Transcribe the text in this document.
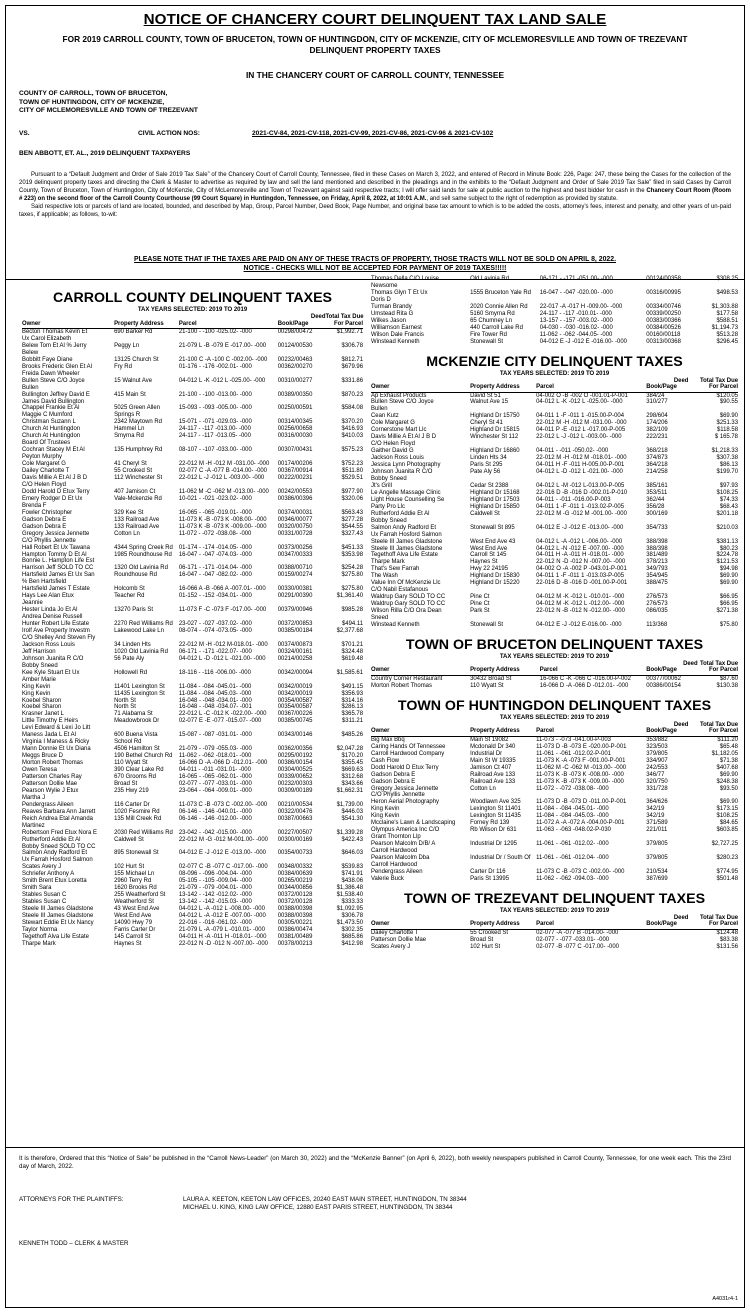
NOTICE OF CHANCERY COURT DELINQUENT TAX LAND SALE
FOR 2019 CARROLL COUNTY, TOWN OF BRUCETON, TOWN OF HUNTINGDON, CITY OF MCKENZIE, CITY OF MCLEMORESVILLE AND TOWN OF TREZEVANT
DELINQUENT PROPERTY TAXES
IN THE CHANCERY COURT OF CARROLL COUNTY, TENNESSEE
COUNTY OF CARROLL, TOWN OF BRUCETON,
TOWN OF HUNTINGDON, CITY OF MCKENZIE,
CITY OF MCLEMORESVILLE AND TOWN OF TREZEVANT
VS.	CIVIL ACTION NOS:	2021-CV-84, 2021-CV-118, 2021-CV-99, 2021-CV-86, 2021-CV-96 & 2021-CV-102
BEN ABBOTT, ET. AL., 2019 DELINQUENT TAXPAYERS

Pursuant to a “Default Judgment and Order of Sale 2019 Tax Sale” of the Chancery Court of Carroll County, Tennessee, filed in these Cases on March 3, 2022, and entered of Record in Minute Book: 226, Page: 247, these being the Cases for the collection of the 2019 delinquent property taxes and directing the Clerk & Master to advertise as required by law and sell the land mentioned and described in the pleadings and in the exhibits to the “Default Judgment and Order of Sale 2019 Tax Sale” filed in said Cases by Carroll County, Town of Bruceton, Town of Huntingdon, City of McKenzie, City of McLemoresville and Town of Trezevant against said respective tracts; I will offer said lands for sale at public auction to the highest and best bidder for cash in the Chancery Court Room (Room # 223) on the second floor of the Carroll County Courthouse (99 Court Square) in Huntingdon, Tennessee, on Friday, April 8, 2022, at 10:01 A.M., and sell same subject to the right of redemption as provided by statute.

Said respective lots or parcels of land are located, bounded, and described by Map, Group, Parcel Number, Deed Book, Page Number, and original base tax amount to which is to be added the costs, attorney’s fees, interest and penalty, and other years of un-paid taxes, if applicable; as follows, to-wit:

PLEASE NOTE THAT IF THE TAXES ARE PAID ON ANY OF THESE TRACTS OF PROPERTY, THOSE TRACTS WILL NOT BE SOLD ON APRIL 8, 2022.
NOTICE - CHECKS WILL NOT BE ACCEPTED FOR PAYMENT OF 2019 TAXES!!!!!
CARROLL COUNTY DELINQUENT TAXES
TAX YEARS SELECTED: 2019 TO 2019
			Deed	Total Tax Due
Owner	Property Address	Parcel	Book/Page	For Parcel
Becton Thomas Kevin Et	690 Barker Rd	21-100 - -100 -025.02- -000	00298/00472	$1,992.71
Ux Carol Elizabeth				
Belew Tom Et Al % Jerry	Peggy Ln	21-079 L -B -079 E -017.00- -000	00124/00530	$306.78
Belew				
Bobbitt Faye Diane	13125 Church St	21-100 C -A -100 C -002.00- -000	00232/00463	$812.71
Brooks Frederic Glen Et Al	Fry Rd	01-176 - -176 -002.01- -000	00362/00270	$679.96
Freida Dawn Wheeler				
Bullen Steve C/O Joyce	15 Walnut Ave	04-012 L -K -012 L -025.00- -000	00310/00277	$331.86
Bullen				
Bullington Jeffrey David E	415 Main St	21-100 - -100 -013.00- -000	00389/00350	$870.23
James David Bullington				
Chappel Frankie Et Al	5025 Green Allen	15-093 - -093 -005.00- -000	00250/00591	$584.08
Maggie C Mumford	Springs R			
Christman Suzann L	2342 Maytown Rd	15-071 - -071 -029.03- -000	00314/00345	$370.20
Church At Huntingdon	Hammel Ln	24-117 - -117 -013.00- -000	00256/00658	$416.93
Church At Huntingdon	Smyrna Rd	24-117 - -117 -013.05- -000	00316/00030	$410.03
Board Of Trustees				
Cochran Stacey M Et Al	135 Humphrey Rd	08-107 - -107 -033.00- -000	00307/00431	$575.23
Peyton Murphy				
Cole Margaret G	41 Cheryl St	22-012 M -H -012 M -031.00- -000	00174/00206	$752.23
Dailey Charlotte T	55 Crooked St	02-077 C -A -077 B -014.00- -000	00367/00914	$511.80
Davis Millie A Et Al J B D	112 Winchester St	22-012 L -J -012 L -003.00- -000	00222/00231	$529.51
C/O Helen Floyd				
Dodd Harold D Etux Terry	407 Jamison Ct	11-062 M -C -062 M -013.00- -000	00242/00553	$977.90
Emery Rodger D Et Ux	Vale-Mckenzie Rd	10-021 - -021 -023.02- -000	00386/00396	$320.06
Brenda F				
Fowler Christopher	329 Kee St	16-065 - -065 -019.01- -000	00374/00031	$563.43
Gadson Debra E	133 Railroad Ave	11-073 K -B -073 K -008.00- -000	00346/00077	$277.28
Gadson Debra E	133 Railroad Ave	11-073 K -B -073 K -009.00- -000	00320/00750	$544.55
Gregory Jessica Jennette	Cotton Ln	11-072 - -072 -038.08- -000	00331/00728	$327.43
C/O Phyllis Jennette				
Hall Robert Et Ux Tawana	4344 Spring Creek Rd	01-174 - -174 -014.05- -000	00373/00256	$451.33
Hampton Tommy D Et Al	1985 Roundhouse Rd	16-047 - -047 -074.03- -000	00347/00333	$353.98
Bonnie L. Hampton Life Est				
Harrison Jeff SOLD TO CC	1320 Old Lavinia Rd	06-171 - -171 -014.04- -000	00388/00710	$254.28
Hartsfield James Et Ux San	Roundhouse Rd	16-047 - -047 -082.02- -000	00159/00274	$275.80
% Ben Hartsfield				
Hartsfield James T Estate	Holcomb St	16-066 A -B -066 A -007.01- -000	00330/00381	$275.80
Hays Lee Alan Etux	Teacher Rd	01-152 - -152 -034.01- -000	00291/00390	$1,361.40
Jeannie				
Hester Linda Jo Et Al	13270 Paris St	11-073 F -C -073 F -017.00- -000	00379/00946	$985.28
Andrea Denise Russell				
Hunter Robert Life Estate	2270 Red Williams Rd	23-027 - -027 -037.02- -000	00372/00853	$494.11
Irolf Ave Property Investm	Lakewood Lake Ln	08-074 - -074 -073.05- -000	00385/00184	$2,377.68
C/O Shelley And Steven Fly				
Jackson Ross Louis	34 Linden Hts	22-012 M -H -012 M-018.01- -000	00374/00873	$701.21
Jeff Harrison	1020 Old Lavinia Rd	06-171 - -171 -022.07- -000	00324/00161	$324.48
Johnson Juanita R C/O	56 Pate Aly	04-012 L -D -012 L -021.00- -000	00214/00258	$619.48
Bobby Sneed				
Kee Kyle Stuart Et Ux	Hollowell Rd	18-116 - -116 -006.00- -000	00342/00094	$1,585.61
Amber Marie				
King Kevin	11401 Lexington St	11-084 - -084 -045.01- -000	00342/00019	$491.15
King Kevin	11435 Lexington St	11-084 - -084 -045.03- -000	00342/00019	$356.93
Koebel Sharon	North St	16-048 - -048 -034.01- -000	00354/00587	$314.16
Koebel Sharon	North St	16-048 - -048 -034.07- -001	00354/00587	$286.13
Krasner Janet L	71 Alabama St	22-012 L -C -012 K -022.00- -000	00367/00226	$365.78
Little Timothy E Heirs	Meadowbrook Dr	02-077 E -E -077 -015.07- -000	00385/00745	$311.21
Levi Edward & Lexi Jo Litt				
Maness Jada L Et Al	600 Buena Vista	15-087 - -087 -031.01- -000	00343/00146	$485.26
Virginia I Maness & Ricky	School Rd			
Mann Donnie Et Ux Diana	4506 Hamilton St	21-079 - -079 -055.03- -000	00362/00356	$2,047.28
Meggs Bruce D	190 Bethel Church Rd	11-062 - -062 -018.01- -000	00295/00192	$170.20
Morton Robert Thomas	110 Wyatt St	16-066 D -A -066 D -012.01- -000	00386/00154	$355.45
Owen Teresa	390 Clear Lake Rd	04-011 - -011 -031.01- -000	00304/00525	$669.63
Patterson Charles Ray	670 Grooms Rd	16-065 - -065 -062.01- -000	00339/00652	$312.68
Patterson Dollie Mae	Broad St	02-077 - -077 -033.01- -000	00232/00303	$343.66
Pearson Wylie J Etux	235 Hwy 219	23-064 - -064 -009.01- -000	00309/00189	$1,662.31
Martha J				
Pendergrass Aileen	116 Carter Dr	11-073 C -B -073 C -002.00- -000	00210/00534	$1,739.00
Reaves Barbara Ann Jarrett	1020 Fesmire Rd	06-146 - -146 -040.01- -000	00322/00476	$446.03
Reich Andrea Etal Amanda	135 Mill Creek Rd	06-146 - -146 -012.00- -000	00387/00663	$541.30
Martinez				
Robertson Fred Etux Nora E	2030 Red Williams Rd	23-042 - -042 -015.00- -000	00227/00507	$1,339.28
Rutherford Addie Et Al	Caldwell St	22-012 M -G -012 M-001.00- -000	00300/00169	$422.43
Bobby Sneed SOLD TO CC				
Salmon Andy Radford Et	895 Stonewall St	04-012 E -J -012 E -013.00- -000	00354/00733	$646.03
Ux Farrah Hosford Salmon				
Scates Avery J	102 Hurt St	02-077 C -B -077 C -017.00- -000	00348/00332	$539.83
Schriefer Anthony A	155 Michael Ln	08-096 - -096 -004.04- -000	00384/00639	$741.91
Smith Brent Etux Loretta	2960 Terry Rd	05-105 - -105 -009.04- -000	00265/00219	$438.06
Smith Sara	1620 Brooks Rd	21-079 - -079 -004.01- -000	00344/00856	$1,386.48
Stables Susan C	255 Weatherford St	13-142 - -142 -012.02- -000	00372/00128	$1,538.40
Stables Susan C	Weatherford St	13-142 - -142 -015.03- -000	00372/00128	$333.33
Steele III James Gladstone	43 West End Ave	04-012 L -A -012 L -008.00- -000	00388/00398	$1,092.95
Steele III James Gladstone	West End Ave	04-012 L -A -012 E -007.00- -000	00388/00398	$306.78
Stewart Eddie Et Ux Nancy	14090 Hwy 79	22-016 - -016 -061.02- -000	00305/00221	$1,473.50
Taylor Norma	Farris Carter Dr	21-079 L -A -079 L -010.01- -000	00386/00474	$302.35
Tegethoff Alva Life Estate	145 Carroll St	04-011 H -A -011 H -018.01- -000	00381/00489	$685.86
Tharpe Mark	Haynes St	22-012 N -D -012 N -007.00- -000	00378/00213	$412.98
Thomas Della C/O Louise	Old Lavinia Rd	06-171 - -171 -051.00- -000	00124/00358	$308.25
Newsome				
Thomas Glyn T Et Ux	1555 Bruceton Yale Rd	16-047 - -047 -020.00- -000	00316/00995	$498.53
Doris D				
Turman Brandy	2020 Connie Allen Rd	22-017 -A -017 H -009.00- -000	00334/00746	$1,303.88
Umstead Rita G	5160 Smyrna Rd	24-117 - -117 -010.01- -000	00339/00250	$177.58
Wilkes Jason	65 Chumney Ln	13-157 - -157 -003.02- -000	00383/00366	$588.51
Williamson Earnest	440 Carroll Lake Rd	04-030 - -030 -016.02- -000	00384/00526	$1,194.73
Wilson Dale Francis	Fire Tower Rd	11-062 - -062 -044.05- -000	00160/00118	$513.28
Winstead Kenneth	Stonewall St	04-012 E -J -012 E -016.00- -000	00313/00368	$296.45
MCKENZIE CITY DELINQUENT TAXES
TAX YEARS SELECTED: 2019 TO 2019
			Deed	Total Tax Due
Owner	Property Address	Parcel	Book/Page	For Parcel
Ap Exhaust Products	David St 51	04-002 O -B -002 O -001.01-P-001	384/24	$120.05
Bullen Steve C/O Joyce	Walnut Ave 15	04-012 L -K -012 L -025.00- -000	310/277	$90.55
Bullen				
Cean Kutz	Highland Dr 15750	04-011 1 -F -011 1 -015.00-P-004	298/604	$69.90
Cole Margaret G	Cheryl St 41	22-012 M -H -012 M -031.00- -000	174/206	$251.33
Cornerstone Mart Llc	Highland Dr 15815	04-011 P -E -012 L -017.00-P-005	382/109	$118.58
Davis Millie A Et Al J B D	Winchester St 112	22-012 L -J -012 L -003.00- -000	222/231	$ 165.78
C/O Helen Floyd				
Gaither David G	Highland Dr 16860	04-011 - -011 -050.02- -000	368/218	$1,218.33
Jackson Ross Louis	Linden Hts 34	22-012 M -H -012 M -018.01- -000	374/873	$307.38
Jessica Lynn Photography	Paris St 295	04-011 H -F -011 H-005.00-P-001	364/218	$86.13
Johnson Juanita R C/O	Pate Aly 56	04-012 L -D -012 L -021.00- -000	214/258	$199.70
Bobby Sneed				
Jt's Grill	Cedar St 2388	04-012 L -M -012 L-013.00-P-005	385/161	$97.93
Le Angelle Massage Clinic	Highland Dr 15168	22-016 D -B -016 D -002.01-P-010	353/511	$108.25
Light House Counselling Se	Highland Dr 17503	04-011 - -011 -016.00-P-003	362/44	$74.33
Party Pro Llc	Highland Dr 15850	04-011 1 -F -011 1 -013.02-P-005	356/28	$68.43
Rutherford Addie Et Al	Caldwell St	22-012 M -G -012 M -001.00- -000	300/169	$201.18
Bobby Sneed				
Salmon Andy Radford Et	Stonewall St 895	04-012 E -J -012 E -013.00- -000	354/733	$210.03
Ux Farrah Hosford Salmon				
Steele III James Gladstone	West End Ave 43	04-012 L -A -012 L -006.00- -000	388/398	$381.13
Steele III James Gladstone	West End Ave	04-012 L -N -012 E -007.00- -000	388/398	$80.23
Tegethoff Alva Life Estate	Carroll St 145	04-011 H -A -011 H -018.01- -000	381/489	$224.78
Tharpe Mark	Haynes St	22-012 N -D -012 N -007.00- -000	378/213	$121.53
That's Sew Farrah	Hwy 22 24195	04-002 O -A -002 P -043.01-P-001	349/793	$94.98
The Wash	Highland Dr 15830	04-011 1 -F -011 1 -013.03-P-005	354/945	$69.90
Value Inn Of McKenzie Llc	Highland Dr 15220	22-016 D -B -016 D -001.00-P-001	388/475	$69.90
C/O Nabil Estafanous				
Waldrup Gary SOLD TO CC	Pine Ct	04-012 M -K -012 L -010.01- -000	276/573	$66.95
Waldrup Gary SOLD TO CC	Pine Ct	04-012 M -K -012 L -012.00- -000	276/573	$66.95
Wilson Rilla C/O Ora Dean	Park St	22-012 N -B -012 N -012.00- -000	086/035	$271.38
Sneed				
Winstead Kenneth	Stonewall St	04-012 E -J -012 E-016.00- -000	113/368	$75.80
TOWN OF BRUCETON DELINQUENT TAXES
TAX YEARS SELECTED: 2019 TO 2019
			Deed	Total Tax Due
Owner	Property Address	Parcel	Book/Page	For Parcel
Country Corner Restaurant	30432 Broad St	16-066 C -K -066 C -016.00-P-002	00377/00062	$87.60
Morton Robert Thomas	110 Wyatt St	16-066 D -A -066 D -012.01- -000	00386/00154	$130.38
TOWN OF HUNTINGDON DELINQUENT TAXES
TAX YEARS SELECTED: 2019 TO 2019
			Deed	Total Tax Due
Owner	Property Address	Parcel	Book/Page	For Parcel
Big Max Bbq	Main St 19082	11-073 - -073 -041.00-P-003	353/882	$111.20
Caring Hands Of Tennessee	Mcdonald Dr 340	11-073 D -B -073 E -020.00-P-001	323/503	$65.48
Carroll Hardwood Company	Industrial Dr	11-061 - -061 -012.02-P-001	379/805	$1,182.05
Cash Flow	Main St W 19335	11-073 K -A -073 F -001.00-P-001	334/907	$71.38
Dodd Harold D Etux Terry	Jamison Ct 407	11-062 M -C -062 M -013.00- -000	242/553	$407.68
Gadson Debra E	Railroad Ave 133	11-073 K -B -073 K -008.00- -000	346/77	$69.90
Gadson Debra E	Railroad Ave 133	11-073 K -B -073 K -009.00- -000	320/750	$248.38
Gregory Jessica Jennette	Cotton Ln	11-072 - -072 -038.08- -000	331/728	$93.50
C/O Phyllis Jennette				
Heron Aerial Photography	Woodlawn Ave 325	11-073 D -B -073 D -011.00-P-001	364/626	$69.90
King Kevin	Lexington St 11401	11-084 - -084 -045.01- -000	342/19	$173.15
King Kevin	Lexington St 11435	11-084 - -084 -045.03- -000	342/19	$108.25
Mcclaine's Lawn & Landscaping	Forney Rd 139	11-072 A -A -072 A -004.00-P-001	371/589	$84.65
Olympus America Inc C/O	Rb Wilson Dr 631	11-063 - -063 -048.02-P-030	221/011	$603.85
Grant Thornton Llp				
Pearson Malcolm D/B/ A	Industrial Dr 1295	11-061 - -061 -012.02- -000	379/805	$2,727.25
Carroll Hardwood				
Pearson Malcolm Dba	Industrial Dr / South Of	11-061 - -061 -012.04- -000	379/805	$280.23
Carroll Hardwood				
Pendergrass Aileen	Carter Dr 116	11-073 C -B -073 C -002.00- -000	210/534	$774.95
Valerie Buck	Paris St 13995	11-062 - -062 -094.03- -000	387/699	$501.48
TOWN OF TREZEVANT DELINQUENT TAXES
TAX YEARS SELECTED: 2019 TO 2019
			Deed	Total Tax Due
Owner	Property Address	Parcel	Book/Page	For Parcel
Dailey Charlotte T	55 Crooked St	02-077 -A -077 B -014.00- -000		$124.48
Patterson Dollie Mae	Broad St	02-077 - -077 -033.01- -000		$83.38
Scates Avery J	102 Hurt St	02-077 -B -077 C -017.00- -000		$131.56
It is therefore, Ordered that this “Notice of Sale” be published in the “Carroll News-Leader” (on March 30, 2022) and the “McKenzie Banner” (on April 6, 2022), both weekly newspapers published in Carroll County, Tennessee, for one week each. This the 23rd day of March, 2022.
ATTORNEYS FOR THE PLAINTIFFS:	LAURA A. KEETON, KEETON LAW OFFICES, 20240 EAST MAIN STREET, HUNTINGDON, TN 38344
MICHAEL U. KING, KING LAW OFFICE, 12880 EAST PARIS STREET, HUNTINGDON, TN 38344
KENNETH TODD – CLERK & MASTER
A4031r4-1
